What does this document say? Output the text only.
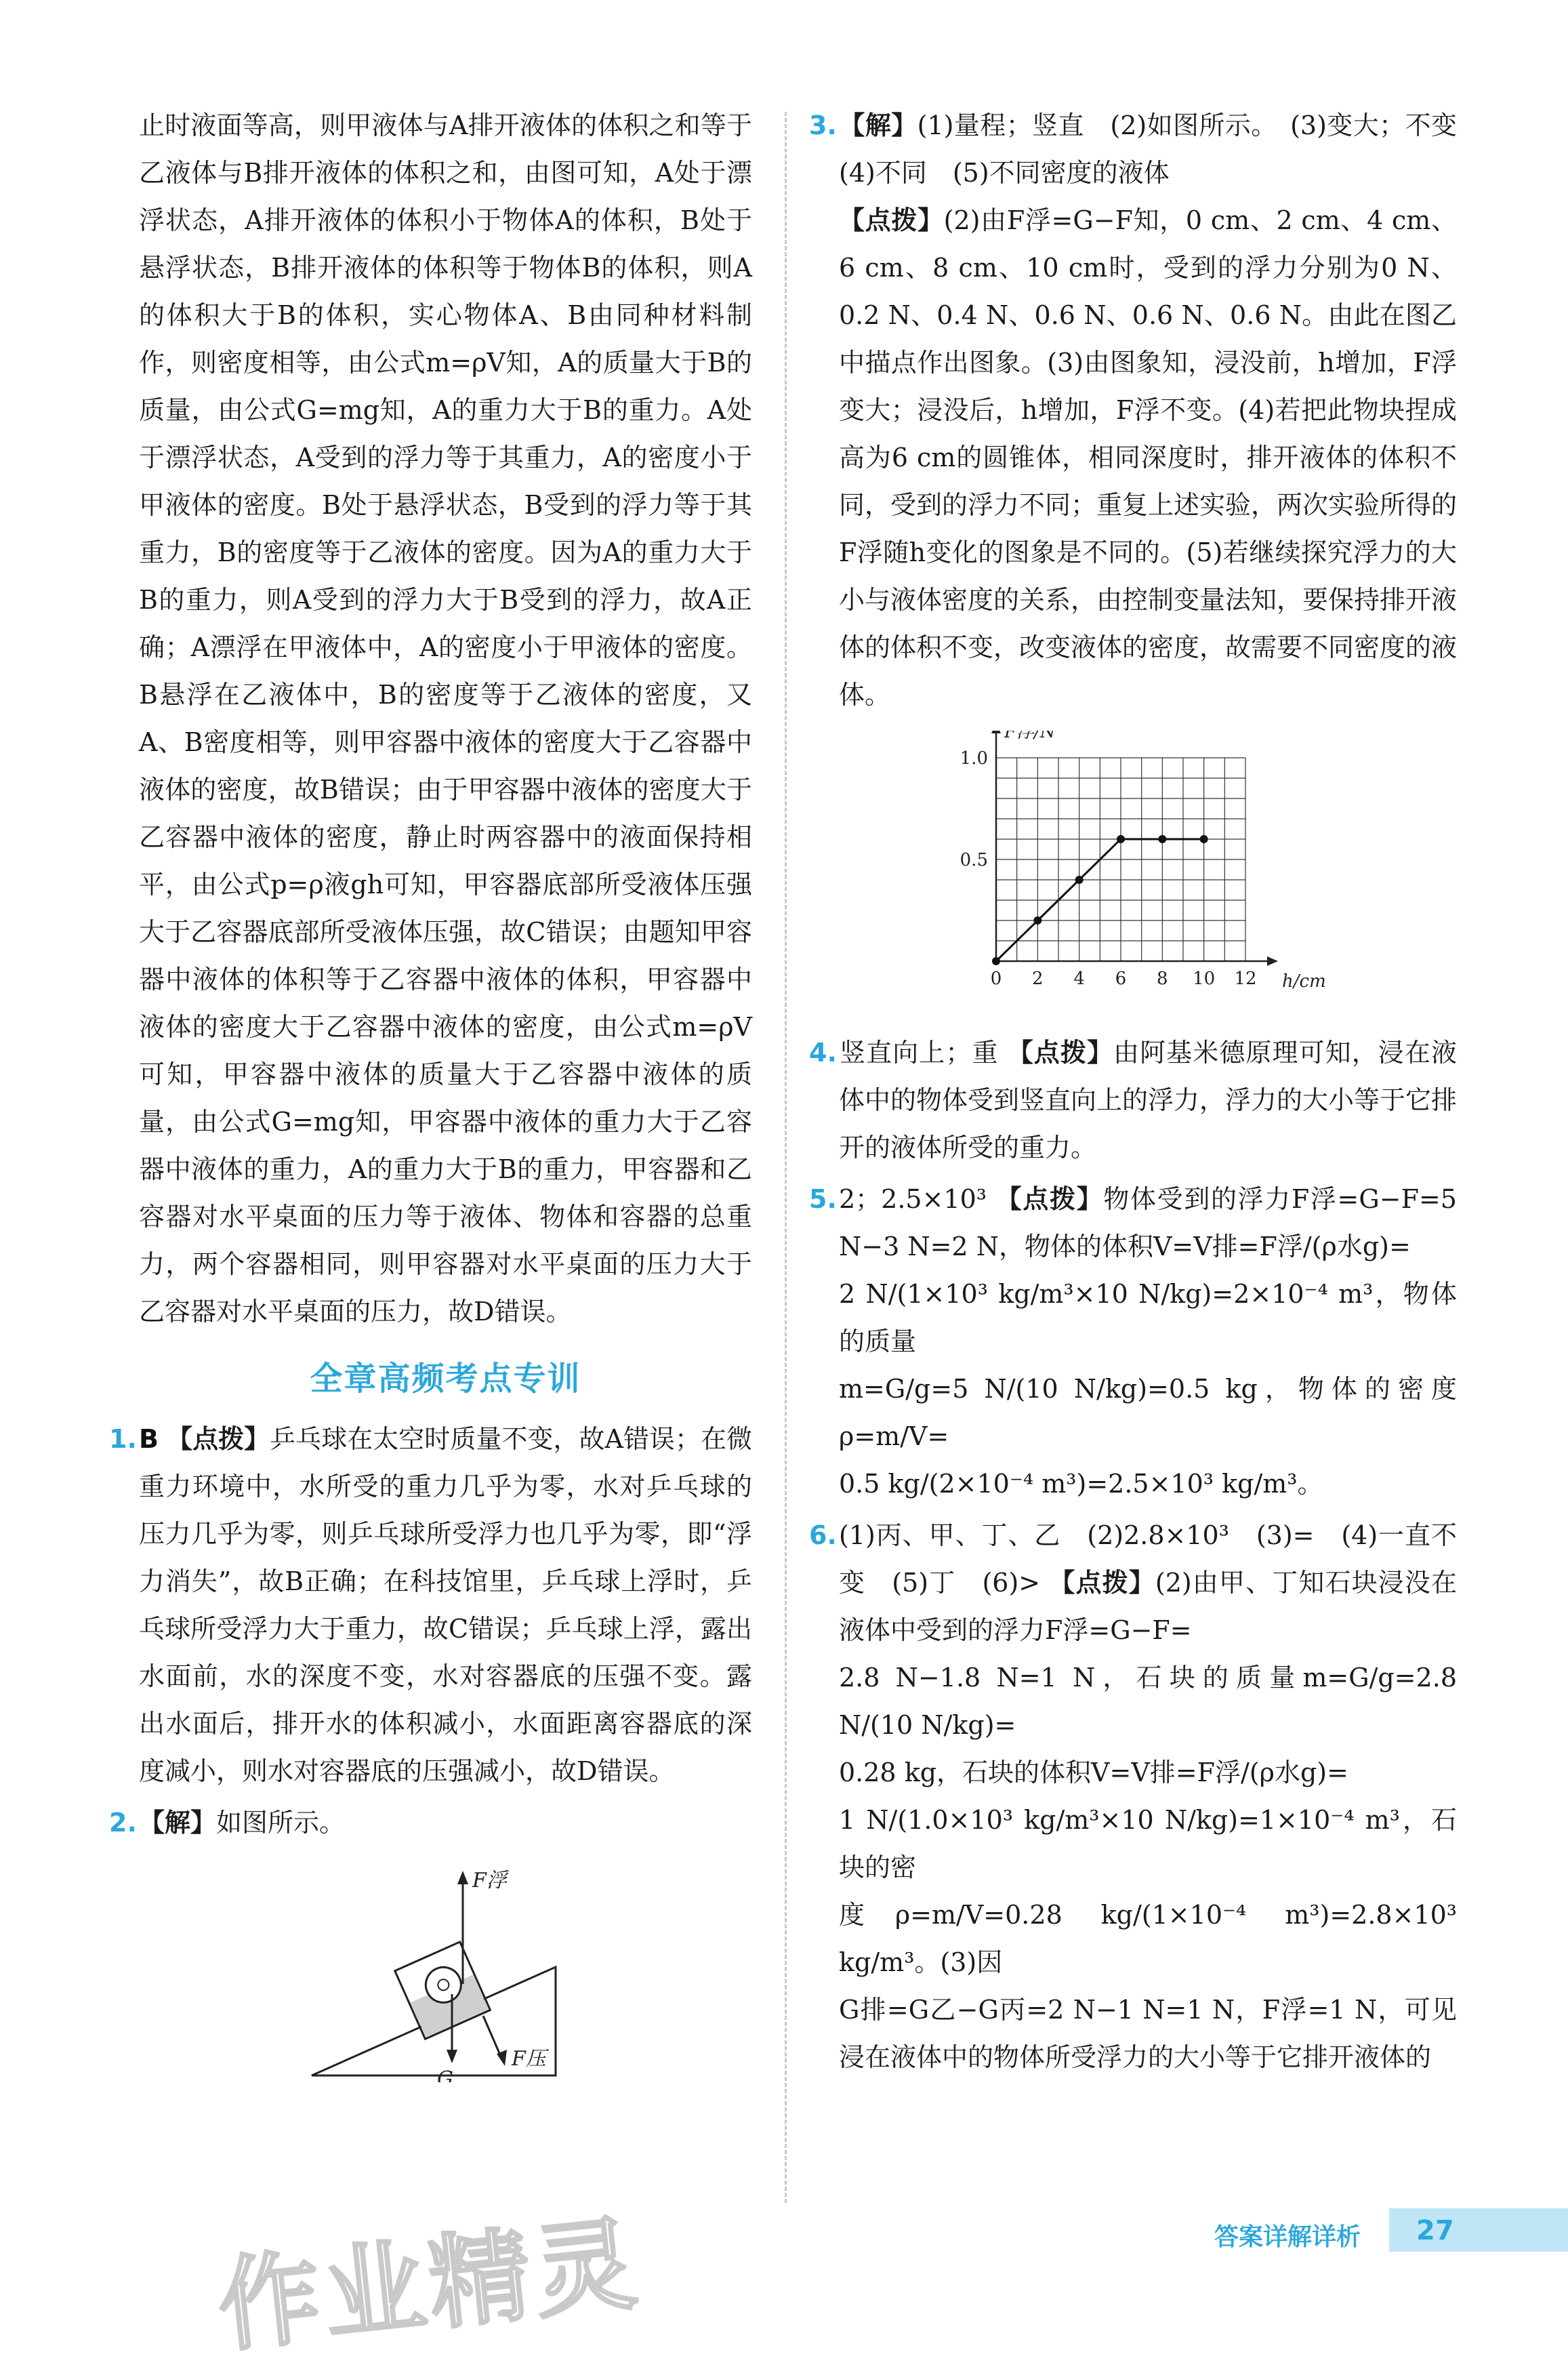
止时液面等高，则甲液体与A排开液体的体积之和等于乙液体与B排开液体的体积之和，由图可知，A处于漂浮状态，A排开液体的体积小于物体A的体积，B处于悬浮状态，B排开液体的体积等于物体B的体积，则A的体积大于B的体积，实心物体A、B由同种材料制作，则密度相等，由公式m=ρV知，A的质量大于B的质量，由公式G=mg知，A的重力大于B的重力。A处于漂浮状态，A受到的浮力等于其重力，A的密度小于甲液体的密度。B处于悬浮状态，B受到的浮力等于其重力，B的密度等于乙液体的密度。因为A的重力大于B的重力，则A受到的浮力大于B受到的浮力，故A正确；A漂浮在甲液体中，A的密度小于甲液体的密度。B悬浮在乙液体中，B的密度等于乙液体的密度，又A、B密度相等，则甲容器中液体的密度大于乙容器中液体的密度，故B错误；由于甲容器中液体的密度大于乙容器中液体的密度，静止时两容器中的液面保持相平，由公式p=ρ液gh可知，甲容器底部所受液体压强大于乙容器底部所受液体压强，故C错误；由题知甲容器中液体的体积等于乙容器中液体的体积，甲容器中液体的密度大于乙容器中液体的密度，由公式m=ρV可知，甲容器中液体的质量大于乙容器中液体的质量，由公式G=mg知，甲容器中液体的重力大于乙容器中液体的重力，A的重力大于B的重力，甲容器和乙容器对水平桌面的压力等于液体、物体和容器的总重力，两个容器相同，则甲容器对水平桌面的压力大于乙容器对水平桌面的压力，故D错误。

全章高频考点专训

1.B 【点拨】乒乓球在太空时质量不变，故A错误；在微重力环境中，水所受的重力几乎为零，水对乒乓球的压力几乎为零，则乒乓球所受浮力也几乎为零，即“浮力消失”，故B正确；在科技馆里，乒乓球上浮时，乒乓球所受浮力大于重力，故C错误；乒乓球上浮，露出水面前，水的深度不变，水对容器底的压强不变。露出水面后，排开水的体积减小，水面距离容器底的深度减小，则水对容器底的压强减小，故D错误。

2.【解】如图所示。

F浮
G
F压

3.【解】(1)量程；竖直　(2)如图所示。　(3)变大；不变　(4)不同　(5)不同密度的液体

【点拨】(2)由F浮=G−F知，0 cm、2 cm、4 cm、6 cm、8 cm、10 cm时，受到的浮力分别为0 N、0.2 N、0.4 N、0.6 N、0.6 N、0.6 N。由此在图乙中描点作出图象。(3)由图象知，浸没前，h增加，F浮变大；浸没后，h增加，F浮不变。(4)若把此物块捏成高为6 cm的圆锥体，相同深度时，排开液体的体积不同，受到的浮力不同；重复上述实验，两次实验所得的F浮随h变化的图象是不同的。(5)若继续探究浮力的大小与液体密度的关系，由控制变量法知，要保持排开液体的体积不变，改变液体的密度，故需要不同密度的液体。

0 2 4 6 8 10 12
0.5
1.0
F浮/N
h/cm

4.竖直向上；重 【点拨】由阿基米德原理可知，浸在液体中的物体受到竖直向上的浮力，浮力的大小等于它排开的液体所受的重力。

5.2；2.5×10³ 【点拨】物体受到的浮力F浮=G−F=5 N−3 N=2 N，物体的体积V=V排=F浮/(ρ水g)=

2 N/(1×10³ kg/m³×10 N/kg)=2×10⁻⁴ m³，物体的质量

m=G/g=5 N/(10 N/kg)=0.5 kg，物体的密度ρ=m/V=

0.5 kg/(2×10⁻⁴ m³)=2.5×10³ kg/m³。

6.(1)丙、甲、丁、乙　(2)2.8×10³　(3)=　(4)一直不变　(5)丁　(6)> 【点拨】(2)由甲、丁知石块浸没在液体中受到的浮力F浮=G−F=

2.8 N−1.8 N=1 N，石块的质量m=G/g=2.8 N/(10 N/kg)=

0.28 kg，石块的体积V=V排=F浮/(ρ水g)=

1 N/(1.0×10³ kg/m³×10 N/kg)=1×10⁻⁴ m³，石块的密

度ρ=m/V=0.28 kg/(1×10⁻⁴ m³)=2.8×10³ kg/m³。(3)因

G排=G乙−G丙=2 N−1 N=1 N，F浮=1 N，可见浸在液体中的物体所受浮力的大小等于它排开液体的

作业精灵	答案详解详析 27
